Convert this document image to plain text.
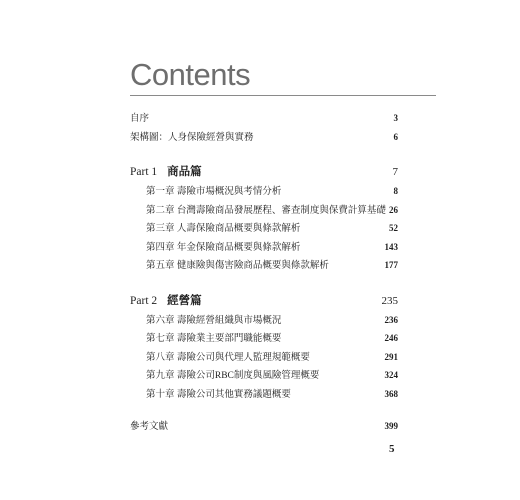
Contents
自序	3
架構圖：人身保險經營與實務	6
Part 1 商品篇	7
第一章 壽險市場概況與考情分析	8
第二章 台灣壽險商品發展歷程、審查制度與保費計算基礎 26
第三章 人壽保險商品概要與條款解析	52
第四章 年金保險商品概要與條款解析	143
第五章 健康險與傷害險商品概要與條款解析	177
Part 2 經營篇	235
第六章 壽險經營組織與市場概況	236
第七章 壽險業主要部門職能概要	246
第八章 壽險公司與代理人監理規範概要	291
第九章 壽險公司RBC制度與風險管理概要	324
第十章 壽險公司其他實務議題概要	368
參考文獻	399
5
